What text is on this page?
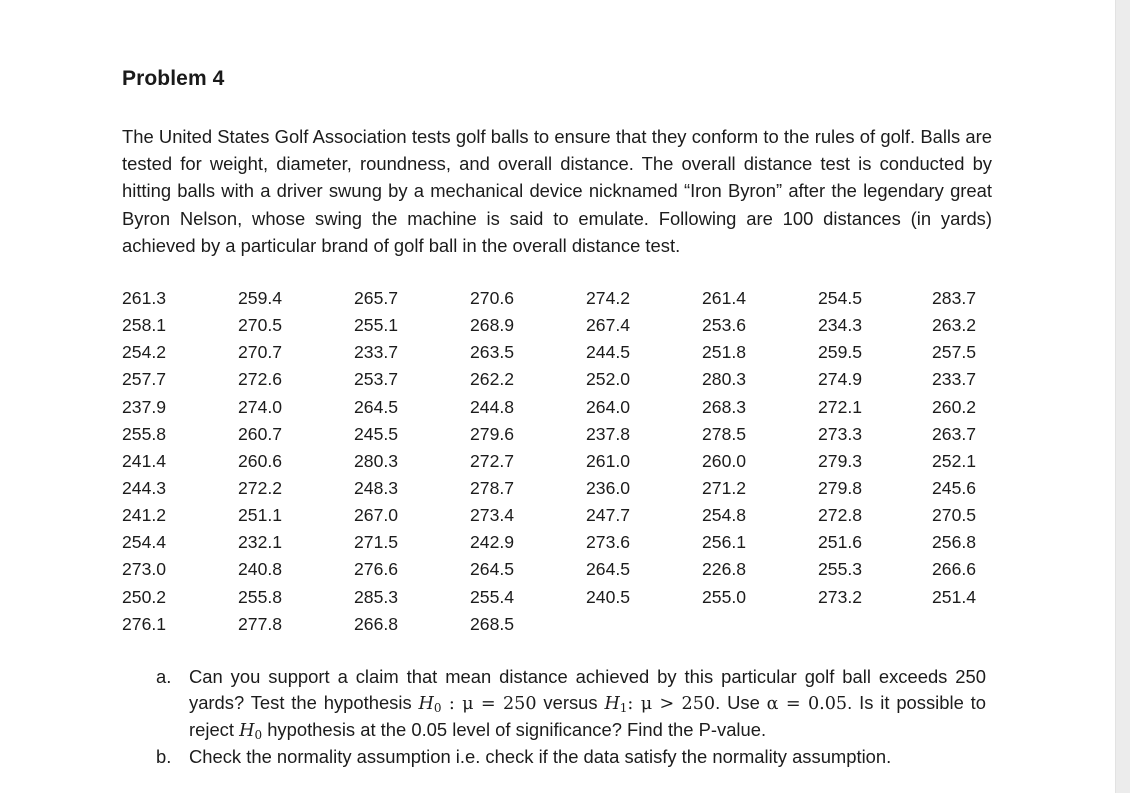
Problem 4

The United States Golf Association tests golf balls to ensure that they conform to the rules of golf. Balls are tested for weight, diameter, roundness, and overall distance. The overall distance test is conducted by hitting balls with a driver swung by a mechanical device nicknamed “Iron Byron” after the legendary great Byron Nelson, whose swing the machine is said to emulate. Following are 100 distances (in yards) achieved by a particular brand of golf ball in the overall distance test.

261.3	259.4	265.7	270.6	274.2	261.4	254.5	283.7
258.1	270.5	255.1	268.9	267.4	253.6	234.3	263.2
254.2	270.7	233.7	263.5	244.5	251.8	259.5	257.5
257.7	272.6	253.7	262.2	252.0	280.3	274.9	233.7
237.9	274.0	264.5	244.8	264.0	268.3	272.1	260.2
255.8	260.7	245.5	279.6	237.8	278.5	273.3	263.7
241.4	260.6	280.3	272.7	261.0	260.0	279.3	252.1
244.3	272.2	248.3	278.7	236.0	271.2	279.8	245.6
241.2	251.1	267.0	273.4	247.7	254.8	272.8	270.5
254.4	232.1	271.5	242.9	273.6	256.1	251.6	256.8
273.0	240.8	276.6	264.5	264.5	226.8	255.3	266.6
250.2	255.8	285.3	255.4	240.5	255.0	273.2	251.4
276.1	277.8	266.8	268.5				
a. Can you support a claim that mean distance achieved by this particular golf ball exceeds 250 yards? Test the hypothesis $H_0$ : μ = 250 versus $H_1$: μ > 250. Use α = 0.05. Is it possible to reject $H_0$ hypothesis at the 0.05 level of significance? Find the P-value.
b. Check the normality assumption i.e. check if the data satisfy the normality assumption.
